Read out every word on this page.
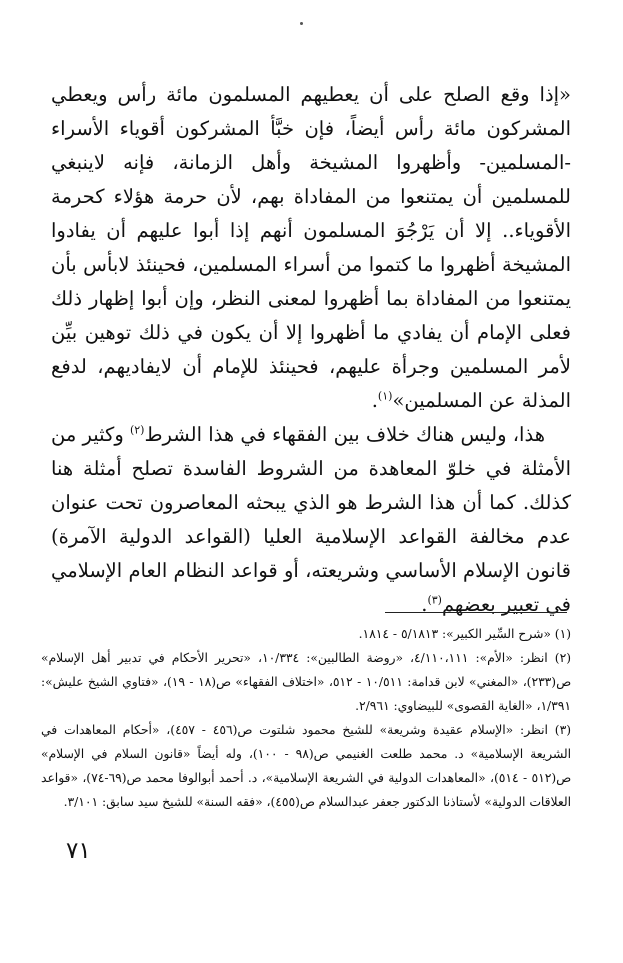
«إذا وقع الصلح على أن يعطيهم المسلمون مائة رأس ويعطي المشركون مائة رأس أيضاً، فإن خبَّأ المشركون أقوياء الأسراء -المسلمين- وأظهروا المشيخة وأهل الزمانة، فإنه لاينبغي للمسلمين أن يمتنعوا من المفاداة بهم، لأن حرمة هؤلاء كحرمة الأقوياء.. إلا أن يَرْجُوَ المسلمون أنهم إذا أبوا عليهم أن يفادوا المشيخة أظهروا ما كتموا من أسراء المسلمين، فحينئذ لابأس بأن يمتنعوا من المفاداة بما أظهروا لمعنى النظر، وإن أبوا إظهار ذلك فعلى الإمام أن يفادي ما أظهروا إلا أن يكون في ذلك توهين بيِّن لأمر المسلمين وجرأة عليهم، فحينئذ للإمام أن لايفاديهم، لدفع المذلة عن المسلمين»$^{(١)}$.

هذا، وليس هناك خلاف بين الفقهاء في هذا الشرط$^{(٢)}$ وكثير من الأمثلة في خلوّ المعاهدة من الشروط الفاسدة تصلح أمثلة هنا كذلك. كما أن هذا الشرط هو الذي يبحثه المعاصرون تحت عنوان عدم مخالفة القواعد الإسلامية العليا (القواعد الدولية الآمرة) قانون الإسلام الأساسي وشريعته، أو قواعد النظام العام الإسلامي في تعبير بعضهم$^{(٣)}$.

(١) «شرح السِّير الكبير»: ٥/١٨١٣ - ١٨١٤.
(٢) انظر: «الأم»: ٤/١١٠،١١١، «روضة الطالبين»: ١٠/٣٣٤، «تحرير الأحكام في تدبير أهل الإسلام» ص(٢٣٣)، «المغني» لابن قدامة: ١٠/٥١١ - ٥١٢، «اختلاف الفقهاء» ص(١٨ - ١٩)، «فتاوي الشيخ عليش»: ١/٣٩١، «الغاية القصوى» للبيضاوي: ٢/٩٦١.
(٣) انظر: «الإسلام عقيدة وشريعة» للشيخ محمود شلتوت ص(٤٥٦ - ٤٥٧)، «أحكام المعاهدات في الشريعة الإسلامية» د. محمد طلعت الغنيمي ص(٩٨ - ١٠٠)، وله أيضاً «قانون السلام في الإسلام» ص(٥١٢ - ٥١٤)، «المعاهدات الدولية في الشريعة الإسلامية»، د. أحمد أبوالوفا محمد ص(٦٩-٧٤)، «قواعد العلاقات الدولية» لأستاذنا الدكتور جعفر عبدالسلام ص(٤٥٥)، «فقه السنة» للشيخ سيد سابق: ٣/١٠١.
٧١
